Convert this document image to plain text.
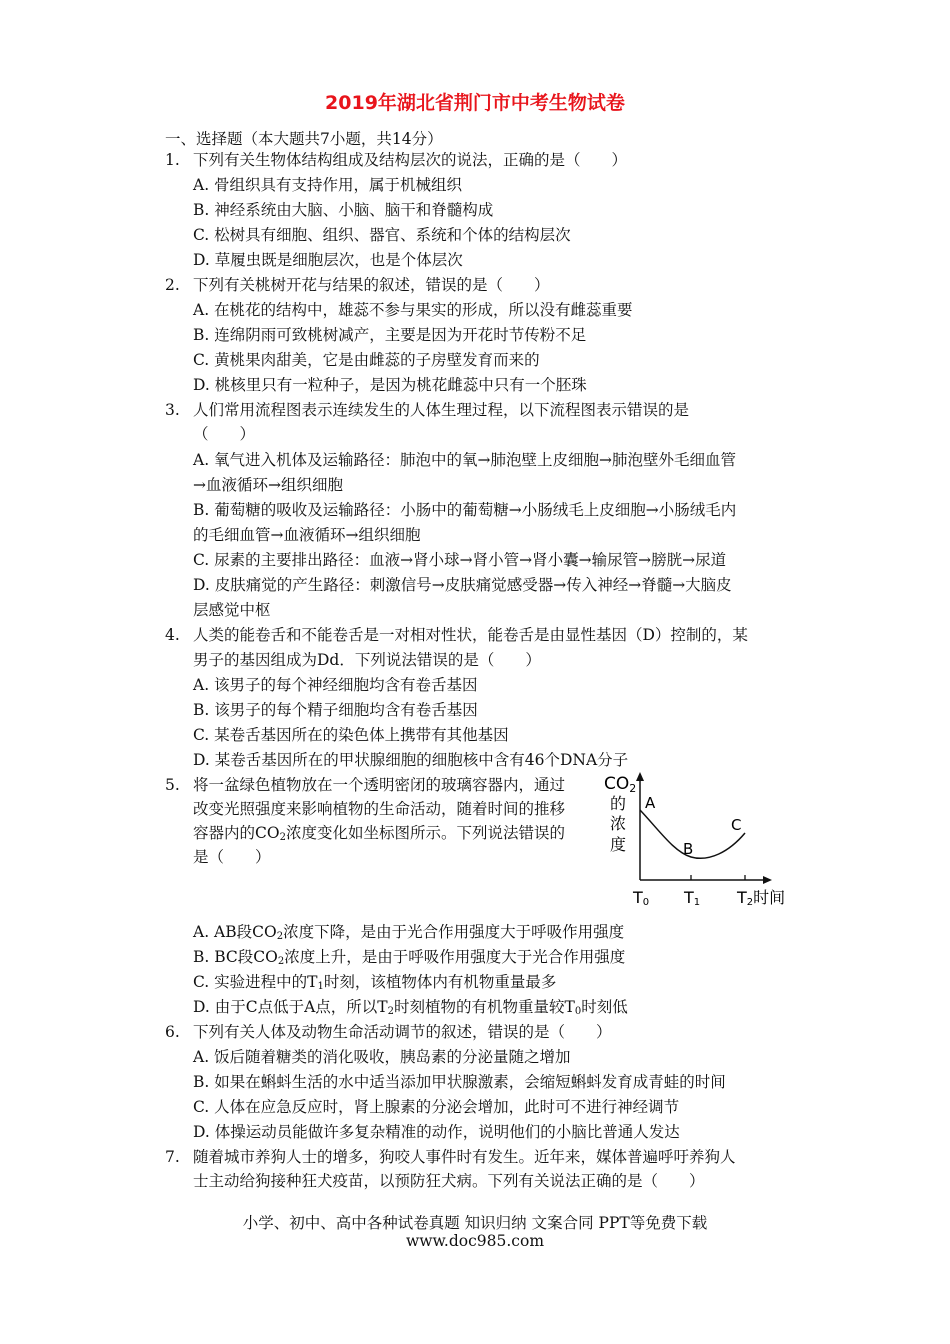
2019年湖北省荆门市中考生物试卷
一、选择题（本大题共7小题，共14分）
1. 下列有关生物体结构组成及结构层次的说法，正确的是（　　）
A. 骨组织具有支持作用，属于机械组织
B. 神经系统由大脑、小脑、脑干和脊髓构成
C. 松树具有细胞、组织、器官、系统和个体的结构层次
D. 草履虫既是细胞层次，也是个体层次
2. 下列有关桃树开花与结果的叙述，错误的是（　　）
A. 在桃花的结构中，雄蕊不参与果实的形成，所以没有雌蕊重要
B. 连绵阴雨可致桃树减产，主要是因为开花时节传粉不足
C. 黄桃果肉甜美，它是由雌蕊的子房壁发育而来的
D. 桃核里只有一粒种子，是因为桃花雌蕊中只有一个胚珠
3. 人们常用流程图表示连续发生的人体生理过程，以下流程图表示错误的是
（　　）
A. 氧气进入机体及运输路径：肺泡中的氧→肺泡壁上皮细胞→肺泡壁外毛细血管
→血液循环→组织细胞
B. 葡萄糖的吸收及运输路径：小肠中的葡萄糖→小肠绒毛上皮细胞→小肠绒毛内
的毛细血管→血液循环→组织细胞
C. 尿素的主要排出路径：血液→肾小球→肾小管→肾小囊→输尿管→膀胱→尿道
D. 皮肤痛觉的产生路径：刺激信号→皮肤痛觉感受器→传入神经→脊髓→大脑皮
层感觉中枢
4. 人类的能卷舌和不能卷舌是一对相对性状，能卷舌是由显性基因（D）控制的，某
男子的基因组成为Dd．下列说法错误的是（　　）
A. 该男子的每个神经细胞均含有卷舌基因
B. 该男子的每个精子细胞均含有卷舌基因
C. 某卷舌基因所在的染色体上携带有其他基因
D. 某卷舌基因所在的甲状腺细胞的细胞核中含有46个DNA分子
5. 将一盆绿色植物放在一个透明密闭的玻璃容器内，通过
改变光照强度来影响植物的生命活动，随着时间的推移
容器内的$CO_2$浓度变化如坐标图所示。下列说法错误的
是（　　）
CO2
的
浓
度
A
B
C
T0 T1 T2时间
A. AB段$CO_2$浓度下降，是由于光合作用强度大于呼吸作用强度
B. BC段$CO_2$浓度上升，是由于呼吸作用强度大于光合作用强度
C. 实验进程中的$T_1$时刻，该植物体内有机物重量最多
D. 由于C点低于A点，所以$T_2$时刻植物的有机物重量较$T_0$时刻低
6. 下列有关人体及动物生命活动调节的叙述，错误的是（　　）
A. 饭后随着糖类的消化吸收，胰岛素的分泌量随之增加
B. 如果在蝌蚪生活的水中适当添加甲状腺激素，会缩短蝌蚪发育成青蛙的时间
C. 人体在应急反应时，肾上腺素的分泌会增加，此时可不进行神经调节
D. 体操运动员能做许多复杂精准的动作，说明他们的小脑比普通人发达
7. 随着城市养狗人士的增多，狗咬人事件时有发生。近年来，媒体普遍呼吁养狗人
士主动给狗接种狂犬疫苗，以预防狂犬病。下列有关说法正确的是（　　）
小学、初中、高中各种试卷真题 知识归纳 文案合同 PPT等免费下载
www.doc985.com
